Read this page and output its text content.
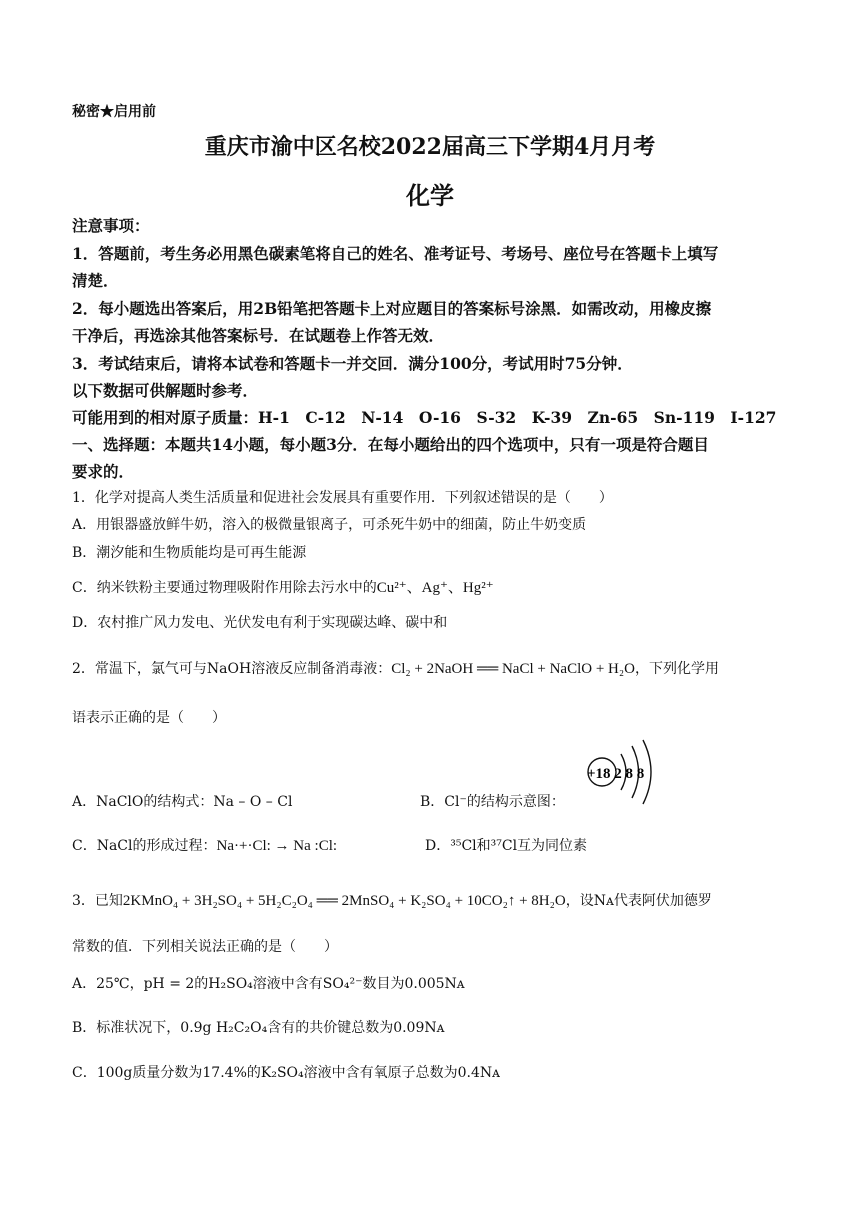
秘密★启用前
重庆市渝中区名校2022届高三下学期4月月考
化学
注意事项：
1．答题前，考生务必用黑色碳素笔将自己的姓名、准考证号、考场号、座位号在答题卡上填写
清楚．
2．每小题选出答案后，用2B铅笔把答题卡上对应题目的答案标号涂黑．如需改动，用橡皮擦
干净后，再选涂其他答案标号．在试题卷上作答无效．
3．考试结束后，请将本试卷和答题卡一并交回．满分100分，考试用时75分钟．
以下数据可供解题时参考．
可能用到的相对原子质量：H-1　C-12　N-14　O-16　S-32　K-39　Zn-65　Sn-119　I-127
一、选择题：本题共14小题，每小题3分．在每小题给出的四个选项中，只有一项是符合题目
要求的．
1．化学对提高人类生活质量和促进社会发展具有重要作用．下列叙述错误的是（　　）
A．用银器盛放鲜牛奶，溶入的极微量银离子，可杀死牛奶中的细菌，防止牛奶变质
B．潮汐能和生物质能均是可再生能源
C．纳米铁粉主要通过物理吸附作用除去污水中的Cu²⁺、Ag⁺、Hg²⁺
D．农村推广风力发电、光伏发电有利于实现碳达峰、碳中和
2．常温下，氯气可与NaOH溶液反应制备消毒液：Cl₂ + 2NaOH ══ NaCl + NaClO + H₂O，下列化学用
语表示正确的是（　　）
A．NaClO的结构式：Na – O – Cl	B．Cl⁻的结构示意图：
+18 2 8 8
C．NaCl的形成过程：Na·+·Cl: → Na :Cl:	D．³⁵Cl和³⁷Cl互为同位素
3．已知2KMnO₄ + 3H₂SO₄ + 5H₂C₂O₄ ══ 2MnSO₄ + K₂SO₄ + 10CO₂↑ + 8H₂O，设Nᴀ代表阿伏加德罗
常数的值．下列相关说法正确的是（　　）
A．25℃，pH = 2的H₂SO₄溶液中含有SO₄²⁻数目为0.005Nᴀ
B．标准状况下，0.9g H₂C₂O₄含有的共价键总数为0.09Nᴀ
C．100g质量分数为17.4%的K₂SO₄溶液中含有氧原子总数为0.4Nᴀ
